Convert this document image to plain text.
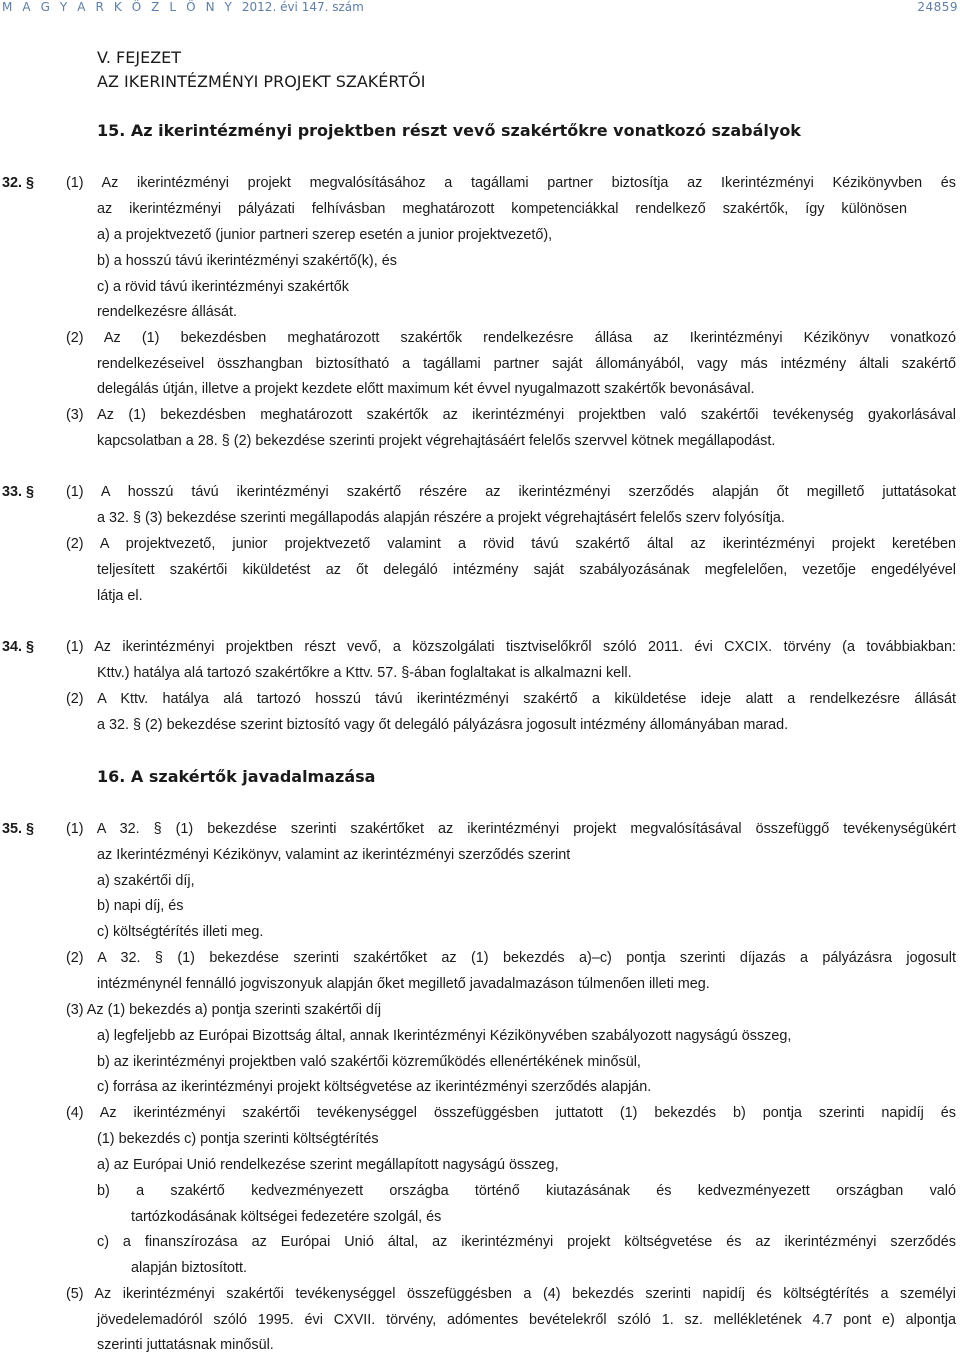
M A G Y A R K Ö Z L Ö N Y 2012. évi 147. szám	24859
V. FEJEZET
AZ IKERINTÉZMÉNYI PROJEKT SZAKÉRTŐI
15. Az ikerintézményi projektben részt vevő szakértőkre vonatkozó szabályok
32. §
33. §
34. §
35. §
16. A szakértők javadalmazása
(1) Az ikerintézményi projekt megvalósításához a tagállami partner biztosítja az Ikerintézményi Kézikönyvben és
az ikerintézményi pályázati felhívásban meghatározott kompetenciákkal rendelkező szakértők, így különösen
a) a projektvezető (junior partneri szerep esetén a junior projektvezető),
b) a hosszú távú ikerintézményi szakértő(k), és
c) a rövid távú ikerintézményi szakértők
rendelkezésre állását.
(2) Az (1) bekezdésben meghatározott szakértők rendelkezésre állása az Ikerintézményi Kézikönyv vonatkozó
rendelkezéseivel összhangban biztosítható a tagállami partner saját állományából, vagy más intézmény általi szakértő
delegálás útján, illetve a projekt kezdete előtt maximum két évvel nyugalmazott szakértők bevonásával.
(3) Az (1) bekezdésben meghatározott szakértők az ikerintézményi projektben való szakértői tevékenység gyakorlásával
kapcsolatban a 28. § (2) bekezdése szerinti projekt végrehajtásáért felelős szervvel kötnek megállapodást.
(1) A hosszú távú ikerintézményi szakértő részére az ikerintézményi szerződés alapján őt megillető juttatásokat
a 32. § (3) bekezdése szerinti megállapodás alapján részére a projekt végrehajtásért felelős szerv folyósítja.
(2) A projektvezető, junior projektvezető valamint a rövid távú szakértő által az ikerintézményi projekt keretében
teljesített szakértői kiküldetést az őt delegáló intézmény saját szabályozásának megfelelően, vezetője engedélyével
látja el.
(1) Az ikerintézményi projektben részt vevő, a közszolgálati tisztviselőkről szóló 2011. évi CXCIX. törvény (a továbbiakban:
Kttv.) hatálya alá tartozó szakértőkre a Kttv. 57. §-ában foglaltakat is alkalmazni kell.
(2) A Kttv. hatálya alá tartozó hosszú távú ikerintézményi szakértő a kiküldetése ideje alatt a rendelkezésre állását
a 32. § (2) bekezdése szerint biztosító vagy őt delegáló pályázásra jogosult intézmény állományában marad.
(1) A 32. § (1) bekezdése szerinti szakértőket az ikerintézményi projekt megvalósításával összefüggő tevékenységükért
az Ikerintézményi Kézikönyv, valamint az ikerintézményi szerződés szerint
a) szakértői díj,
b) napi díj, és
c) költségtérítés illeti meg.
(2) A 32. § (1) bekezdése szerinti szakértőket az (1) bekezdés a)–c) pontja szerinti díjazás a pályázásra jogosult
intézménynél fennálló jogviszonyuk alapján őket megillető javadalmazáson túlmenően illeti meg.
(3) Az (1) bekezdés a) pontja szerinti szakértői díj
a) legfeljebb az Európai Bizottság által, annak Ikerintézményi Kézikönyvében szabályozott nagyságú összeg,
b) az ikerintézményi projektben való szakértői közreműködés ellenértékének minősül,
c) forrása az ikerintézményi projekt költségvetése az ikerintézményi szerződés alapján.
(4) Az ikerintézményi szakértői tevékenységgel összefüggésben juttatott (1) bekezdés b) pontja szerinti napidíj és
(1) bekezdés c) pontja szerinti költségtérítés
a) az Európai Unió rendelkezése szerint megállapított nagyságú összeg,
b) a szakértő kedvezményezett országba történő kiutazásának és kedvezményezett országban való
tartózkodásának költségei fedezetére szolgál, és
c) a finanszírozása az Európai Unió által, az ikerintézményi projekt költségvetése és az ikerintézményi szerződés
alapján biztosított.
(5) Az ikerintézményi szakértői tevékenységgel összefüggésben a (4) bekezdés szerinti napidíj és költségtérítés a személyi
jövedelemadóról szóló 1995. évi CXVII. törvény, adómentes bevételekről szóló 1. sz. mellékletének 4.7 pont e) alpontja
szerinti juttatásnak minősül.
